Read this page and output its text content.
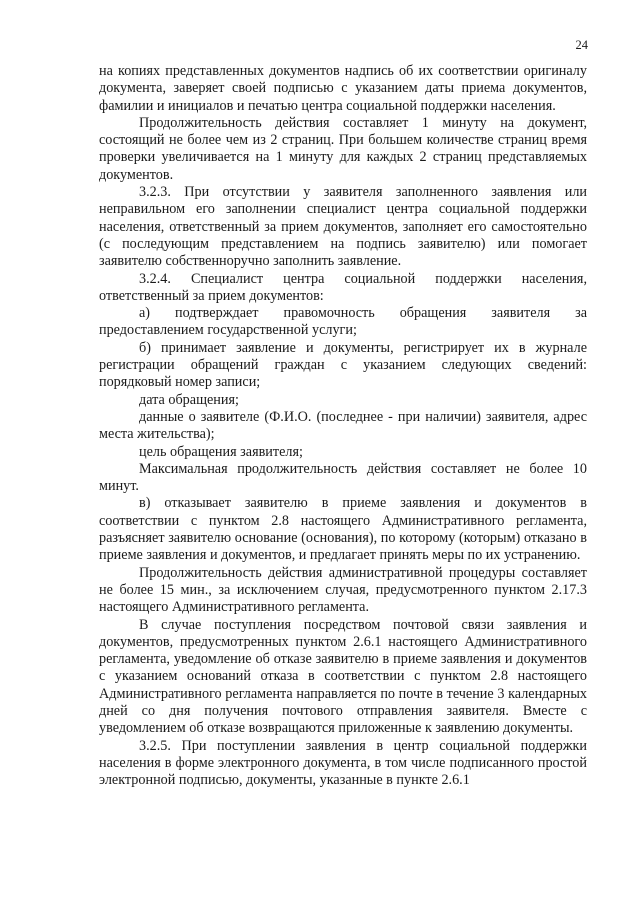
24

на копиях представленных документов надпись об их соответствии оригиналу документа, заверяет своей подписью с указанием даты приема документов, фамилии и инициалов и печатью центра социальной поддержки населения.

Продолжительность действия составляет 1 минуту на документ, состоящий не более чем из 2 страниц. При большем количестве страниц время проверки увеличивается на 1 минуту для каждых 2 страниц представляемых документов.

3.2.3. При отсутствии у заявителя заполненного заявления или неправильном его заполнении специалист центра социальной поддержки населения, ответственный за прием документов, заполняет его самостоятельно (с последующим представлением на подпись заявителю) или помогает заявителю собственноручно заполнить заявление.

3.2.4. Специалист центра социальной поддержки населения, ответственный за прием документов:

а) подтверждает правомочность обращения заявителя за предоставлением государственной услуги;

б) принимает заявление и документы, регистрирует их в журнале регистрации обращений граждан с указанием следующих сведений: порядковый номер записи;

дата обращения;

данные о заявителе (Ф.И.О. (последнее - при наличии) заявителя, адрес места жительства);

цель обращения заявителя;

Максимальная продолжительность действия составляет не более 10 минут.

в) отказывает заявителю в приеме заявления и документов в соответствии с пунктом 2.8 настоящего Административного регламента, разъясняет заявителю основание (основания), по которому (которым) отказано в приеме заявления и документов, и предлагает принять меры по их устранению.

Продолжительность действия административной процедуры составляет не более 15 мин., за исключением случая, предусмотренного пунктом 2.17.3 настоящего Административного регламента.

В случае поступления посредством почтовой связи заявления и документов, предусмотренных пунктом 2.6.1 настоящего Административного регламента, уведомление об отказе заявителю в приеме заявления и документов с указанием оснований отказа в соответствии с пунктом 2.8 настоящего Административного регламента направляется по почте в течение 3 календарных дней со дня получения почтового отправления заявителя. Вместе с уведомлением об отказе возвращаются приложенные к заявлению документы.

3.2.5. При поступлении заявления в центр социальной поддержки населения в форме электронного документа, в том числе подписанного простой электронной подписью, документы, указанные в пункте 2.6.1
